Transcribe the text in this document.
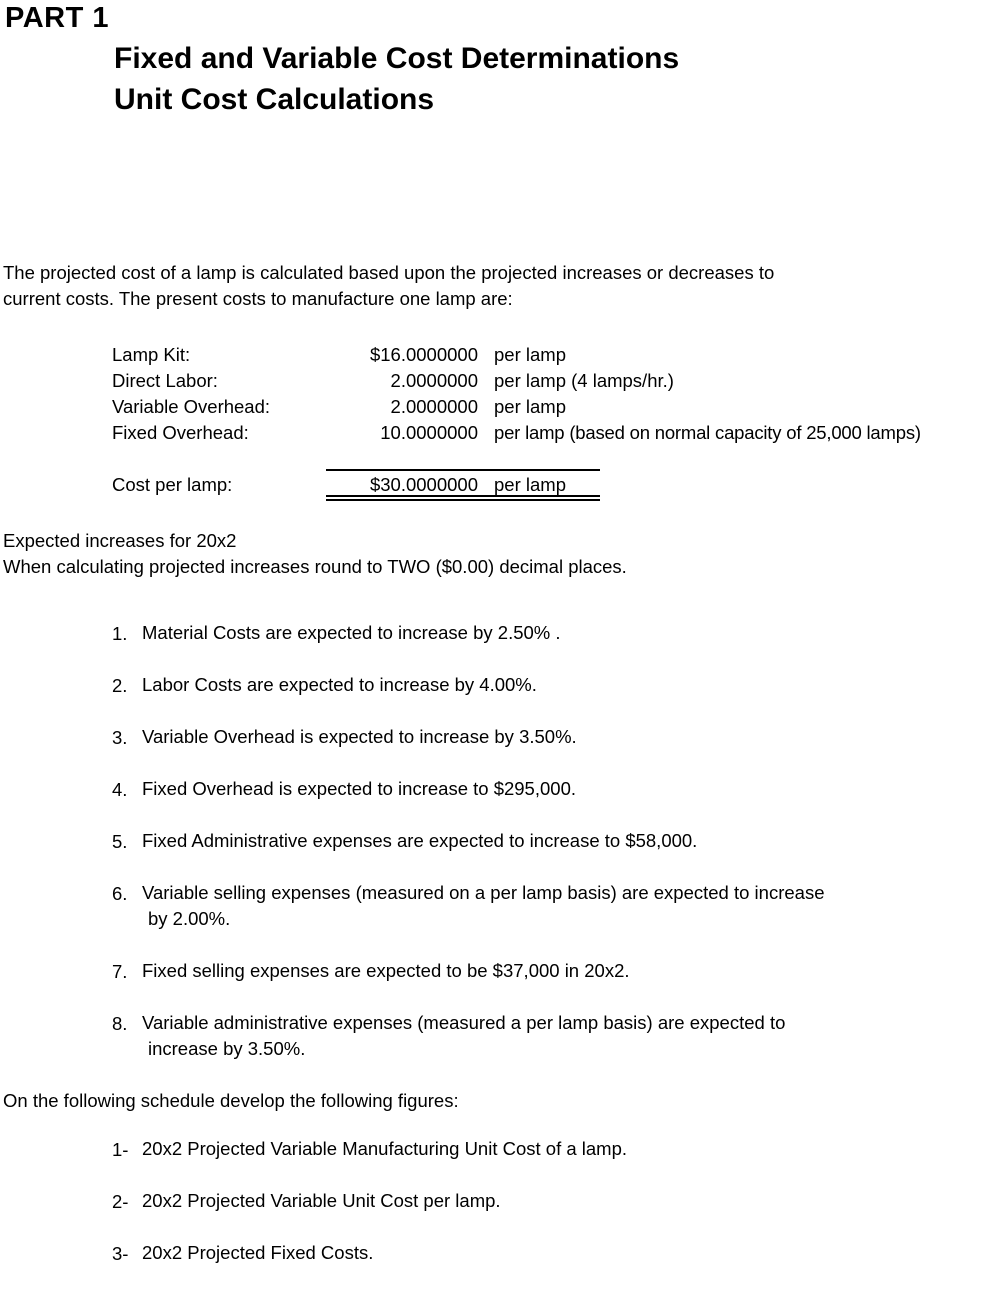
PART 1
Fixed and Variable Cost Determinations
Unit Cost Calculations
The projected cost of a lamp is calculated based upon the projected increases or decreases to
current costs. The present costs to manufacture one lamp are:
Lamp Kit:	$16.0000000 per lamp
Direct Labor:	2.0000000 per lamp (4 lamps/hr.)
Variable Overhead:	2.0000000 per lamp
Fixed Overhead:	10.0000000 per lamp (based on normal capacity of 25,000 lamps)
Cost per lamp:	$30.0000000 per lamp
Expected increases for 20x2
When calculating projected increases round to TWO ($0.00) decimal places.
1. Material Costs are expected to increase by 2.50% .
2. Labor Costs are expected to increase by 4.00%.
3. Variable Overhead is expected to increase by 3.50%.
4. Fixed Overhead is expected to increase to $295,000.
5. Fixed Administrative expenses are expected to increase to $58,000.
6. Variable selling expenses (measured on a per lamp basis) are expected to increase
by 2.00%.
7. Fixed selling expenses are expected to be $37,000 in 20x2.
8. Variable administrative expenses (measured a per lamp basis) are expected to
increase by 3.50%.
On the following schedule develop the following figures:
1- 20x2 Projected Variable Manufacturing Unit Cost of a lamp.
2- 20x2 Projected Variable Unit Cost per lamp.
3- 20x2 Projected Fixed Costs.
